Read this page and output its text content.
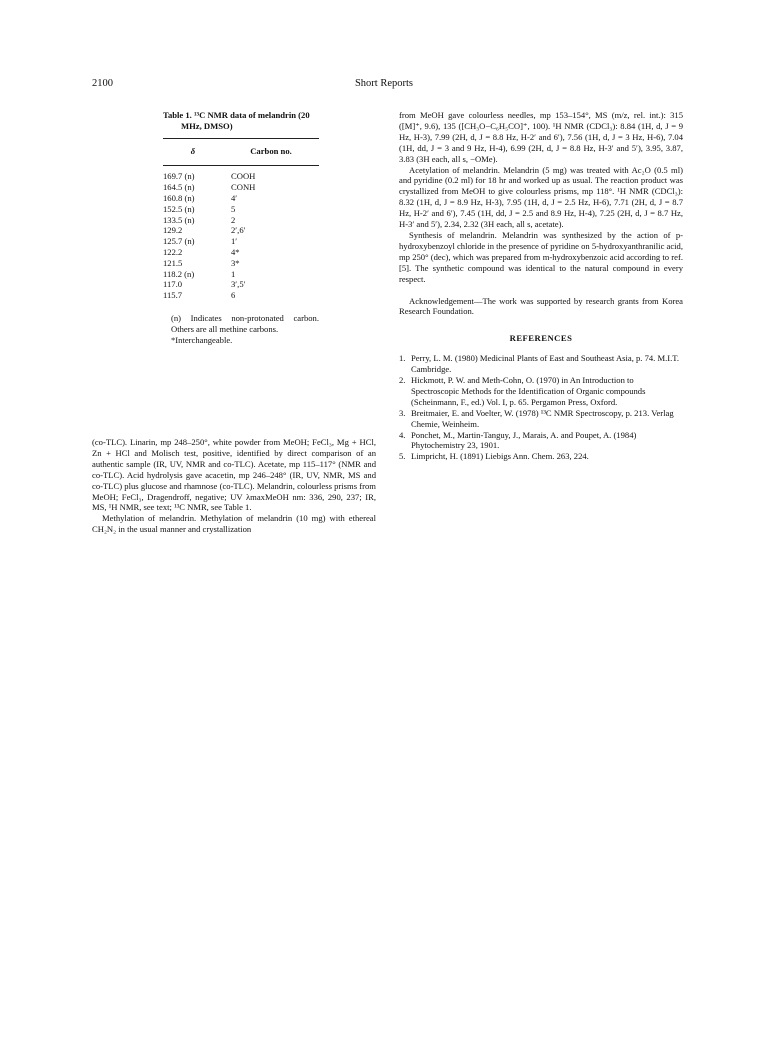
2100	Short Reports
Table 1. ¹³C NMR data of melandrin (20 MHz, DMSO)
δ	Carbon no.
169.7 (n)	COOH
164.5 (n)	CONH
160.8 (n)	4′
152.5 (n)	5
133.5 (n)	2
129.2	2′,6′
125.7 (n)	1′
122.2	4*
121.5	3*
118.2 (n)	1
117.0	3′,5′
115.7	6
(n) Indicates non-protonated carbon. Others are all methine carbons.
*Interchangeable.

(co-TLC). Linarin, mp 248–250°, white powder from MeOH; FeCl₃, Mg + HCl, Zn + HCl and Molisch test, positive, identified by direct comparison of an authentic sample (IR, UV, NMR and co-TLC). Acetate, mp 115–117° (NMR and co-TLC). Acid hydrolysis gave acacetin, mp 246–248° (IR, UV, NMR, MS and co-TLC) plus glucose and rhamnose (co-TLC). Melandrin, colourless prisms from MeOH; FeCl₃, Dragendroff, negative; UV λmaxMeOH nm: 336, 290, 237; IR, MS, ¹H NMR, see text; ¹³C NMR, see Table 1.

Methylation of melandrin. Methylation of melandrin (10 mg) with ethereal CH₂N₂ in the usual manner and crystallization

from MeOH gave colourless needles, mp 153–154°, MS (m/z, rel. int.): 315 ([M]⁺, 9.6), 135 ([CH₃O−C₆H₅CO]⁺, 100). ¹H NMR (CDCl₃): 8.84 (1H, d, J = 9 Hz, H-3), 7.99 (2H, d, J = 8.8 Hz, H-2′ and 6′), 7.56 (1H, d, J = 3 Hz, H-6), 7.04 (1H, dd, J = 3 and 9 Hz, H-4), 6.99 (2H, d, J = 8.8 Hz, H-3′ and 5′), 3.95, 3.87, 3.83 (3H each, all s, −OMe).

Acetylation of melandrin. Melandrin (5 mg) was treated with Ac₂O (0.5 ml) and pyridine (0.2 ml) for 18 hr and worked up as usual. The reaction product was crystallized from MeOH to give colourless prisms, mp 118°. ¹H NMR (CDCl₃): 8.32 (1H, d, J = 8.9 Hz, H-3), 7.95 (1H, d, J = 2.5 Hz, H-6), 7.71 (2H, d, J = 8.7 Hz, H-2′ and 6′), 7.45 (1H, dd, J = 2.5 and 8.9 Hz, H-4), 7.25 (2H, d, J = 8.7 Hz, H-3′ and 5′), 2.34, 2.32 (3H each, all s, acetate).

Synthesis of melandrin. Melandrin was synthesized by the action of p-hydroxybenzoyl chloride in the presence of pyridine on 5-hydroxyanthranilic acid, mp 250° (dec), which was prepared from m-hydroxybenzoic acid according to ref. [5]. The synthetic compound was identical to the natural compound in every respect.

Acknowledgement—The work was supported by research grants from Korea Research Foundation.

REFERENCES
1. Perry, L. M. (1980) Medicinal Plants of East and Southeast Asia, p. 74. M.I.T. Cambridge.
2. Hickmott, P. W. and Meth-Cohn, O. (1970) in An Introduction to Spectroscopic Methods for the Identification of Organic compounds (Scheinmann, F., ed.) Vol. I, p. 65. Pergamon Press, Oxford.
3. Breitmaier, E. and Voelter, W. (1978) ¹³C NMR Spectroscopy, p. 213. Verlag Chemie, Weinheim.
4. Ponchet, M., Martin-Tanguy, J., Marais, A. and Poupet, A. (1984) Phytochemistry 23, 1901.
5. Limpricht, H. (1891) Liebigs Ann. Chem. 263, 224.
